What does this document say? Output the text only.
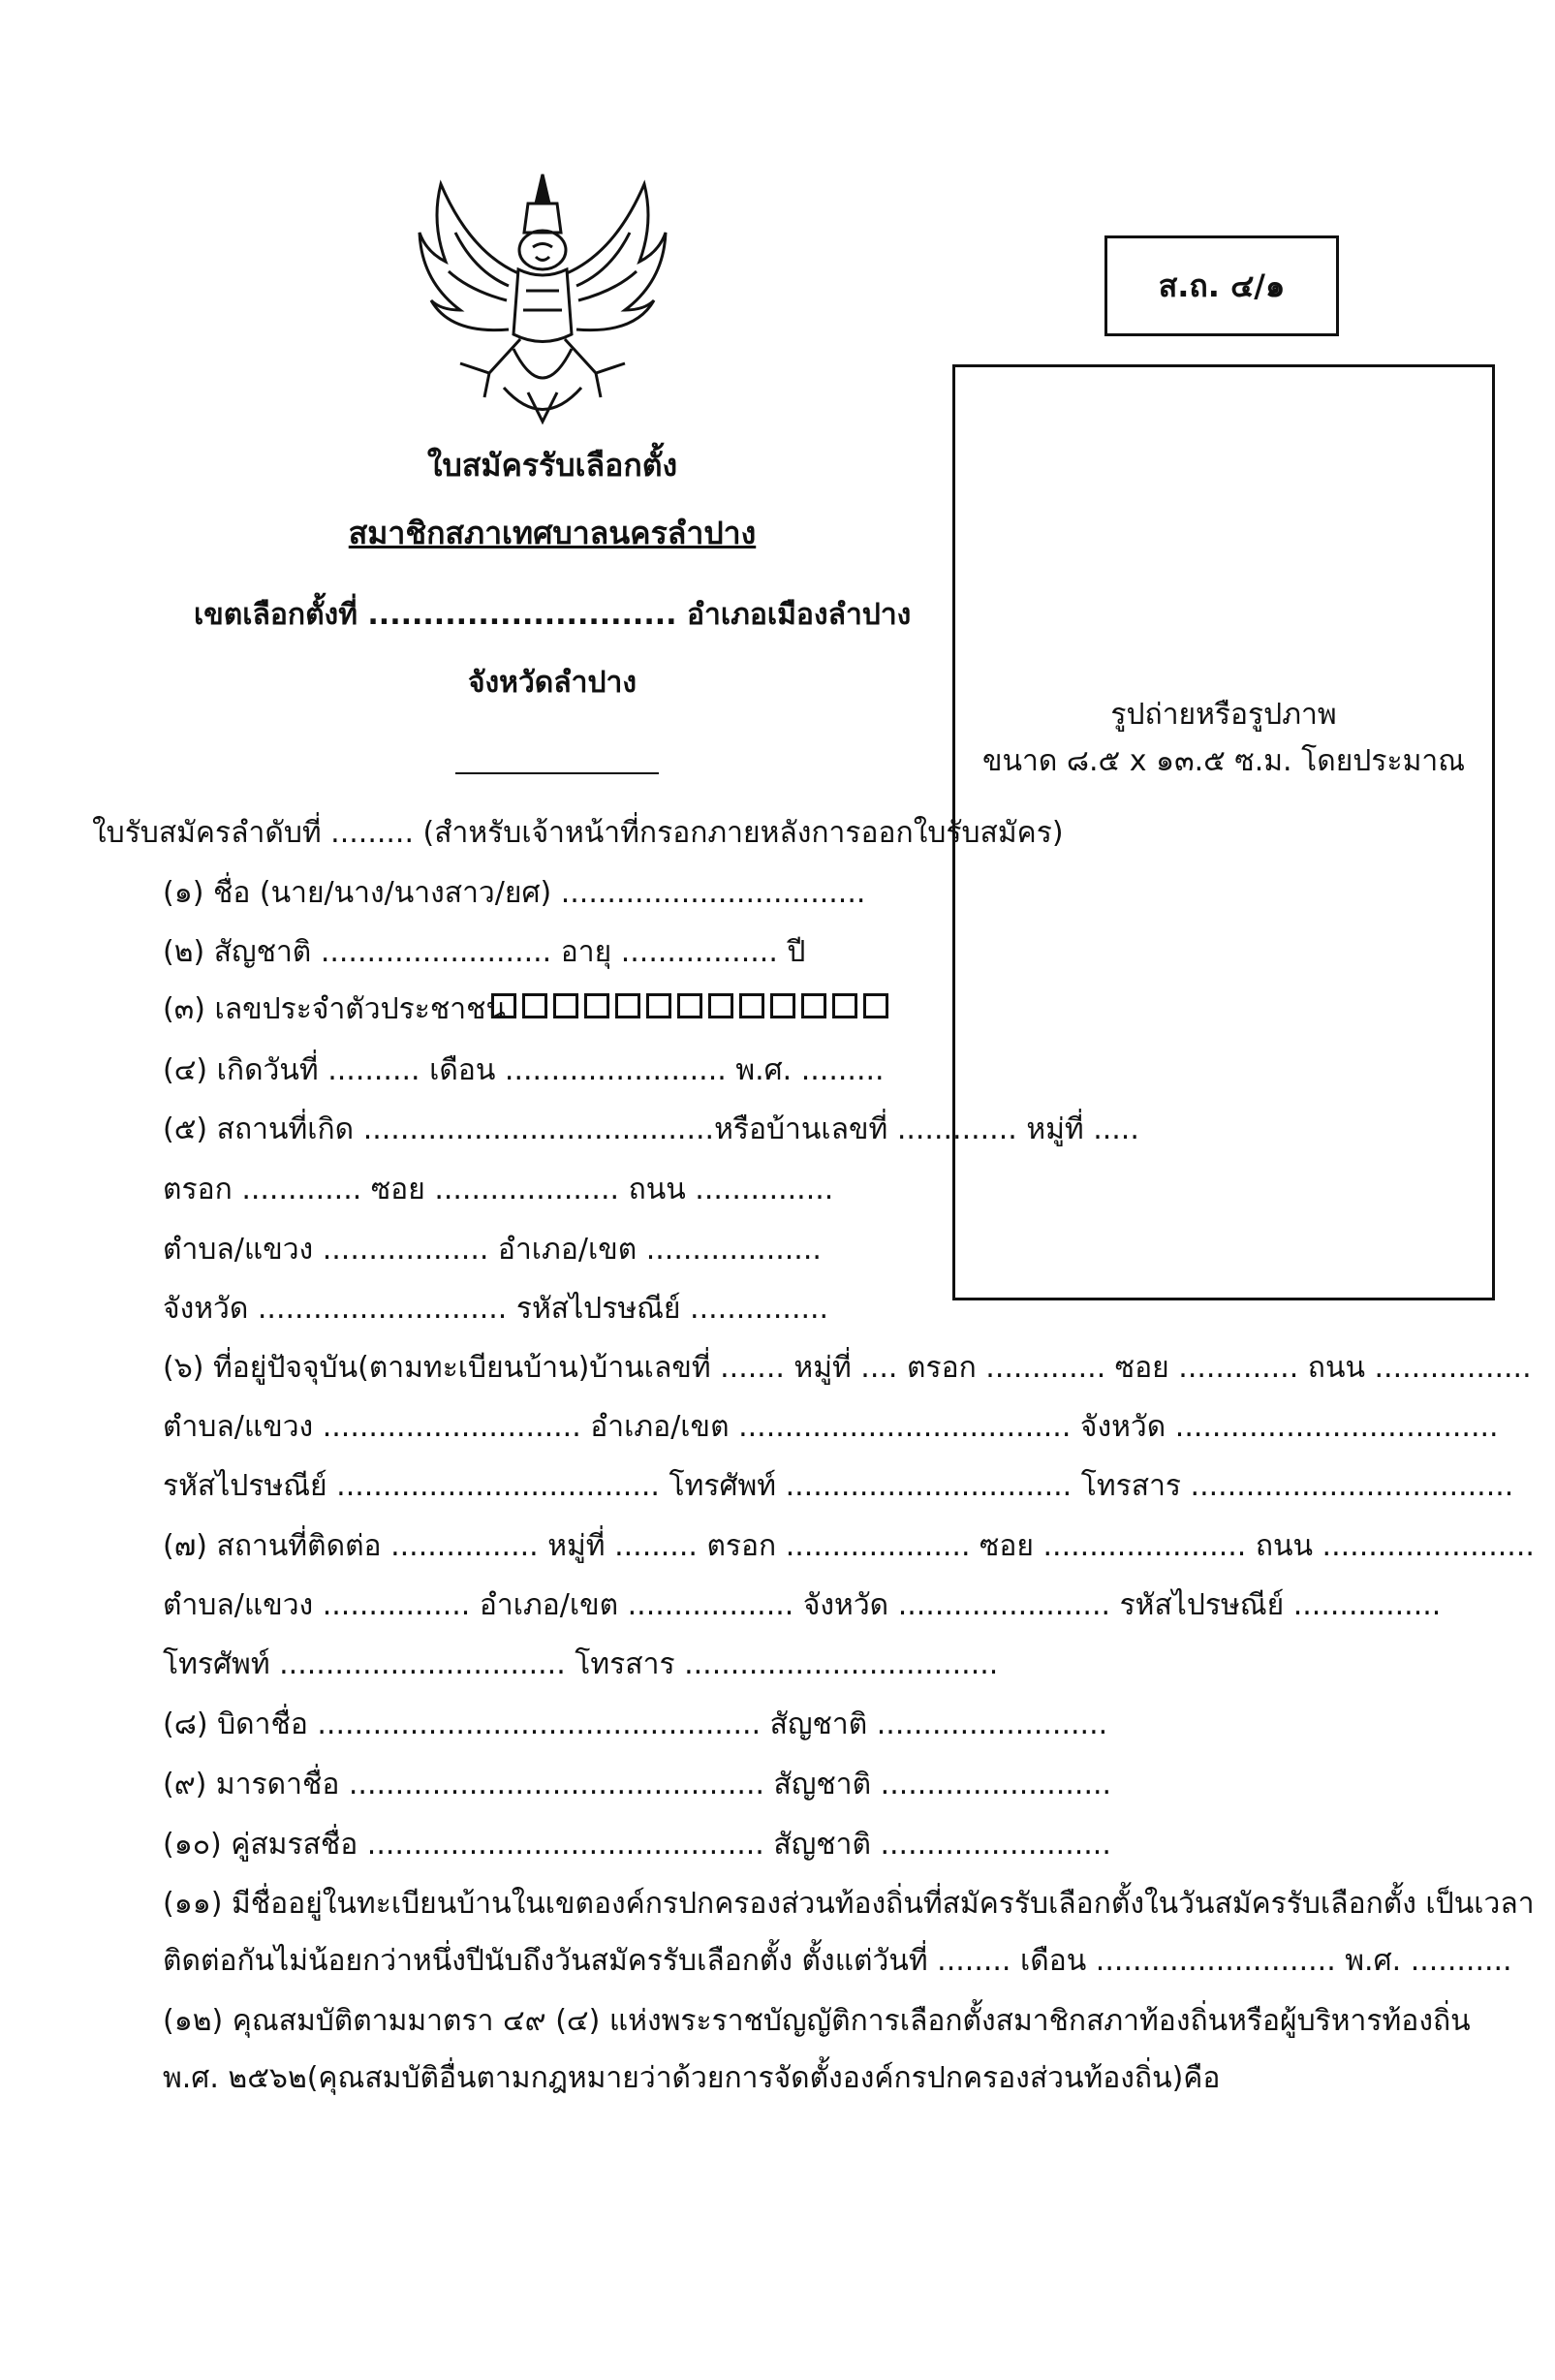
ส.ถ. ๔/๑
รูปถ่ายหรือรูปภาพ
ขนาด ๘.๕ x ๑๓.๕ ซ.ม. โดยประมาณ
ใบสมัครรับเลือกตั้ง
สมาชิกสภาเทศบาลนครลำปาง
เขตเลือกตั้งที่ ............................ อำเภอเมืองลำปาง
จังหวัดลำปาง
ใบรับสมัครลำดับที่ ......... (สำหรับเจ้าหน้าที่กรอกภายหลังการออกใบรับสมัคร)
(๑) ชื่อ (นาย/นาง/นางสาว/ยศ) .................................
(๒) สัญชาติ ......................... อายุ ................. ปี
(๓) เลขประจำตัวประชาชน
(๔) เกิดวันที่ .......... เดือน ........................ พ.ศ. .........
(๕) สถานที่เกิด ......................................หรือบ้านเลขที่ ............. หมู่ที่ .....
ตรอก ............. ซอย .................... ถนน ...............
ตำบล/แขวง .................. อำเภอ/เขต ...................
จังหวัด ........................... รหัสไปรษณีย์ ...............
(๖) ที่อยู่ปัจจุบัน(ตามทะเบียนบ้าน)บ้านเลขที่ ....... หมู่ที่ .... ตรอก ............. ซอย ............. ถนน .................
ตำบล/แขวง ............................ อำเภอ/เขต .................................... จังหวัด ...................................
รหัสไปรษณีย์ ................................... โทรศัพท์ ............................... โทรสาร ...................................
(๗) สถานที่ติดต่อ ................ หมู่ที่ ......... ตรอก .................... ซอย ...................... ถนน .......................
ตำบล/แขวง ................ อำเภอ/เขต .................. จังหวัด ....................... รหัสไปรษณีย์ ................
โทรศัพท์ ............................... โทรสาร ..................................
(๘) บิดาชื่อ ................................................ สัญชาติ .........................
(๙) มารดาชื่อ ............................................. สัญชาติ .........................
(๑๐) คู่สมรสชื่อ ........................................... สัญชาติ .........................
(๑๑) มีชื่ออยู่ในทะเบียนบ้านในเขตองค์กรปกครองส่วนท้องถิ่นที่สมัครรับเลือกตั้งในวันสมัครรับเลือกตั้ง เป็นเวลา
ติดต่อกันไม่น้อยกว่าหนึ่งปีนับถึงวันสมัครรับเลือกตั้ง ตั้งแต่วันที่ ........ เดือน .......................... พ.ศ. ...........
(๑๒) คุณสมบัติตามมาตรา ๔๙ (๔) แห่งพระราชบัญญัติการเลือกตั้งสมาชิกสภาท้องถิ่นหรือผู้บริหารท้องถิ่น
พ.ศ. ๒๕๖๒(คุณสมบัติอื่นตามกฎหมายว่าด้วยการจัดตั้งองค์กรปกครองส่วนท้องถิ่น)คือ
